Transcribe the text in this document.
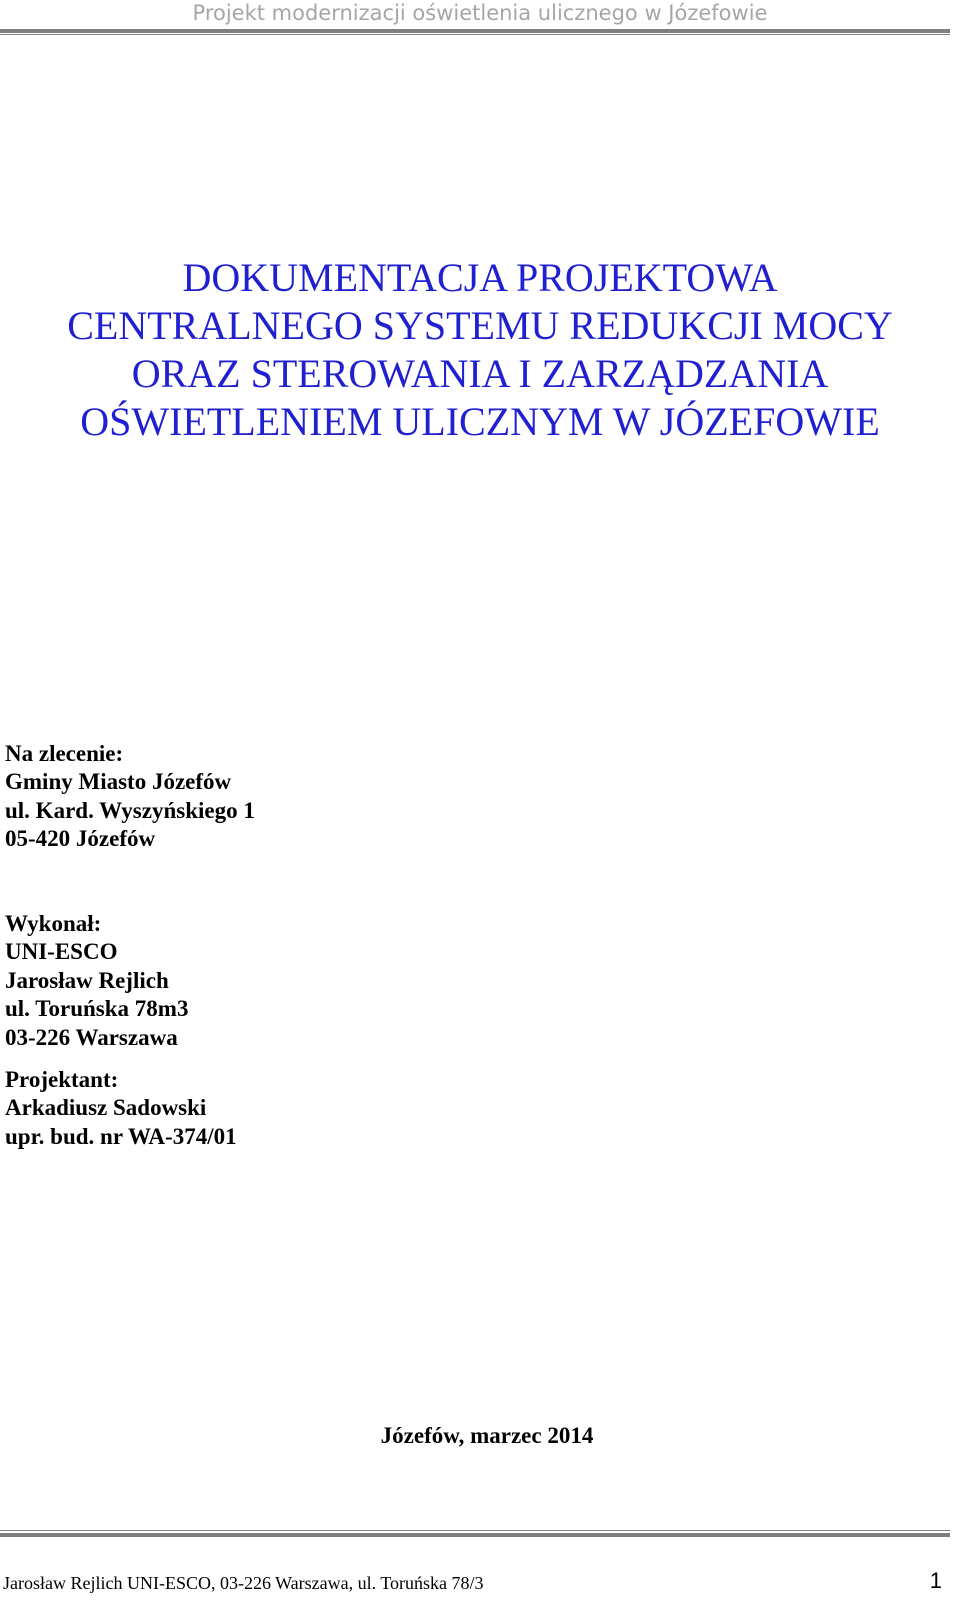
Projekt modernizacji oświetlenia ulicznego w Józefowie
DOKUMENTACJA PROJEKTOWA
CENTRALNEGO SYSTEMU REDUKCJI MOCY
ORAZ STEROWANIA I ZARZĄDZANIA
OŚWIETLENIEM ULICZNYM W JÓZEFOWIE
Na zlecenie:
Gminy Miasto Józefów
ul. Kard. Wyszyńskiego 1
05-420 Józefów
Wykonał:
UNI-ESCO
Jarosław Rejlich
ul. Toruńska 78m3
03-226 Warszawa
Projektant:
Arkadiusz Sadowski
upr. bud. nr WA-374/01
Józefów, marzec 2014
Jarosław Rejlich UNI-ESCO, 03-226 Warszawa, ul. Toruńska 78/3	1
